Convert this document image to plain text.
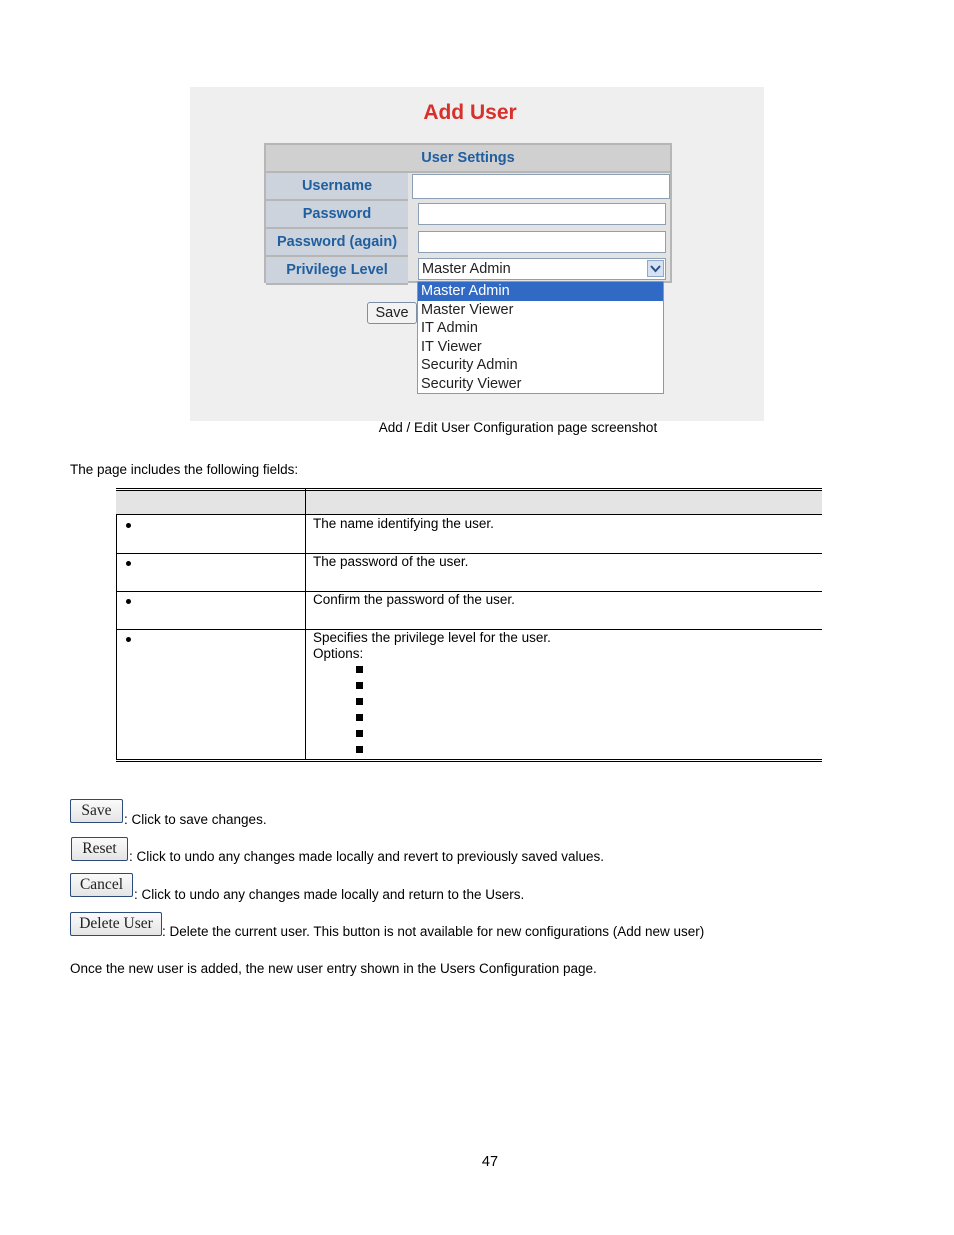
Add User
User Settings
Username
Password
Password (again)
Privilege Level	Master Admin
Save
Master Admin
Master Viewer
IT Admin
IT Viewer
Security Admin
Security Viewer
Add / Edit User Configuration page screenshot
The page includes the following fields:
The name identifying the user.
The password of the user.
Confirm the password of the user.
Specifies the privilege level for the user.
Options:
Save
: Click to save changes.
Reset : Click to undo any changes made locally and revert to previously saved values.
Cancel
: Click to undo any changes made locally and return to the Users.
Delete User : Delete the current user. This button is not available for new configurations (Add new user)
Once the new user is added, the new user entry shown in the Users Configuration page.
47
